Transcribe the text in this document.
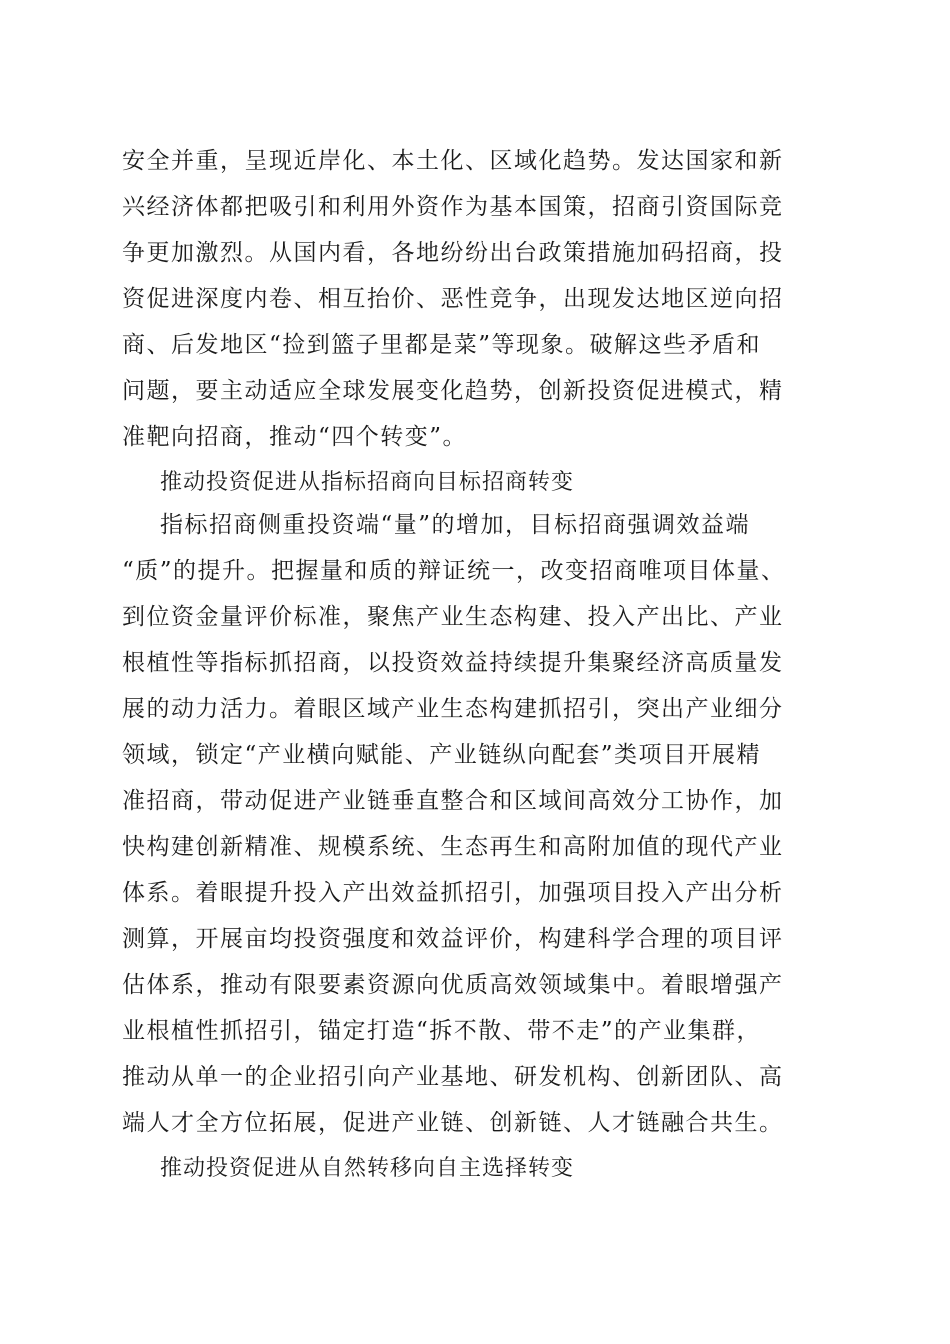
安全并重，呈现近岸化、本土化、区域化趋势。发达国家和新
兴经济体都把吸引和利用外资作为基本国策，招商引资国际竞
争更加激烈。从国内看，各地纷纷出台政策措施加码招商，投
资促进深度内卷、相互抬价、恶性竞争，出现发达地区逆向招
商、后发地区“捡到篮子里都是菜”等现象。破解这些矛盾和
问题，要主动适应全球发展变化趋势，创新投资促进模式，精
准靶向招商，推动“四个转变”。
推动投资促进从指标招商向目标招商转变
指标招商侧重投资端“量”的增加，目标招商强调效益端
“质”的提升。把握量和质的辩证统一，改变招商唯项目体量、
到位资金量评价标准，聚焦产业生态构建、投入产出比、产业
根植性等指标抓招商，以投资效益持续提升集聚经济高质量发
展的动力活力。着眼区域产业生态构建抓招引，突出产业细分
领域，锁定“产业横向赋能、产业链纵向配套”类项目开展精
准招商，带动促进产业链垂直整合和区域间高效分工协作，加
快构建创新精准、规模系统、生态再生和高附加值的现代产业
体系。着眼提升投入产出效益抓招引，加强项目投入产出分析
测算，开展亩均投资强度和效益评价，构建科学合理的项目评
估体系，推动有限要素资源向优质高效领域集中。着眼增强产
业根植性抓招引，锚定打造“拆不散、带不走”的产业集群，
推动从单一的企业招引向产业基地、研发机构、创新团队、高
端人才全方位拓展，促进产业链、创新链、人才链融合共生。
推动投资促进从自然转移向自主选择转变
